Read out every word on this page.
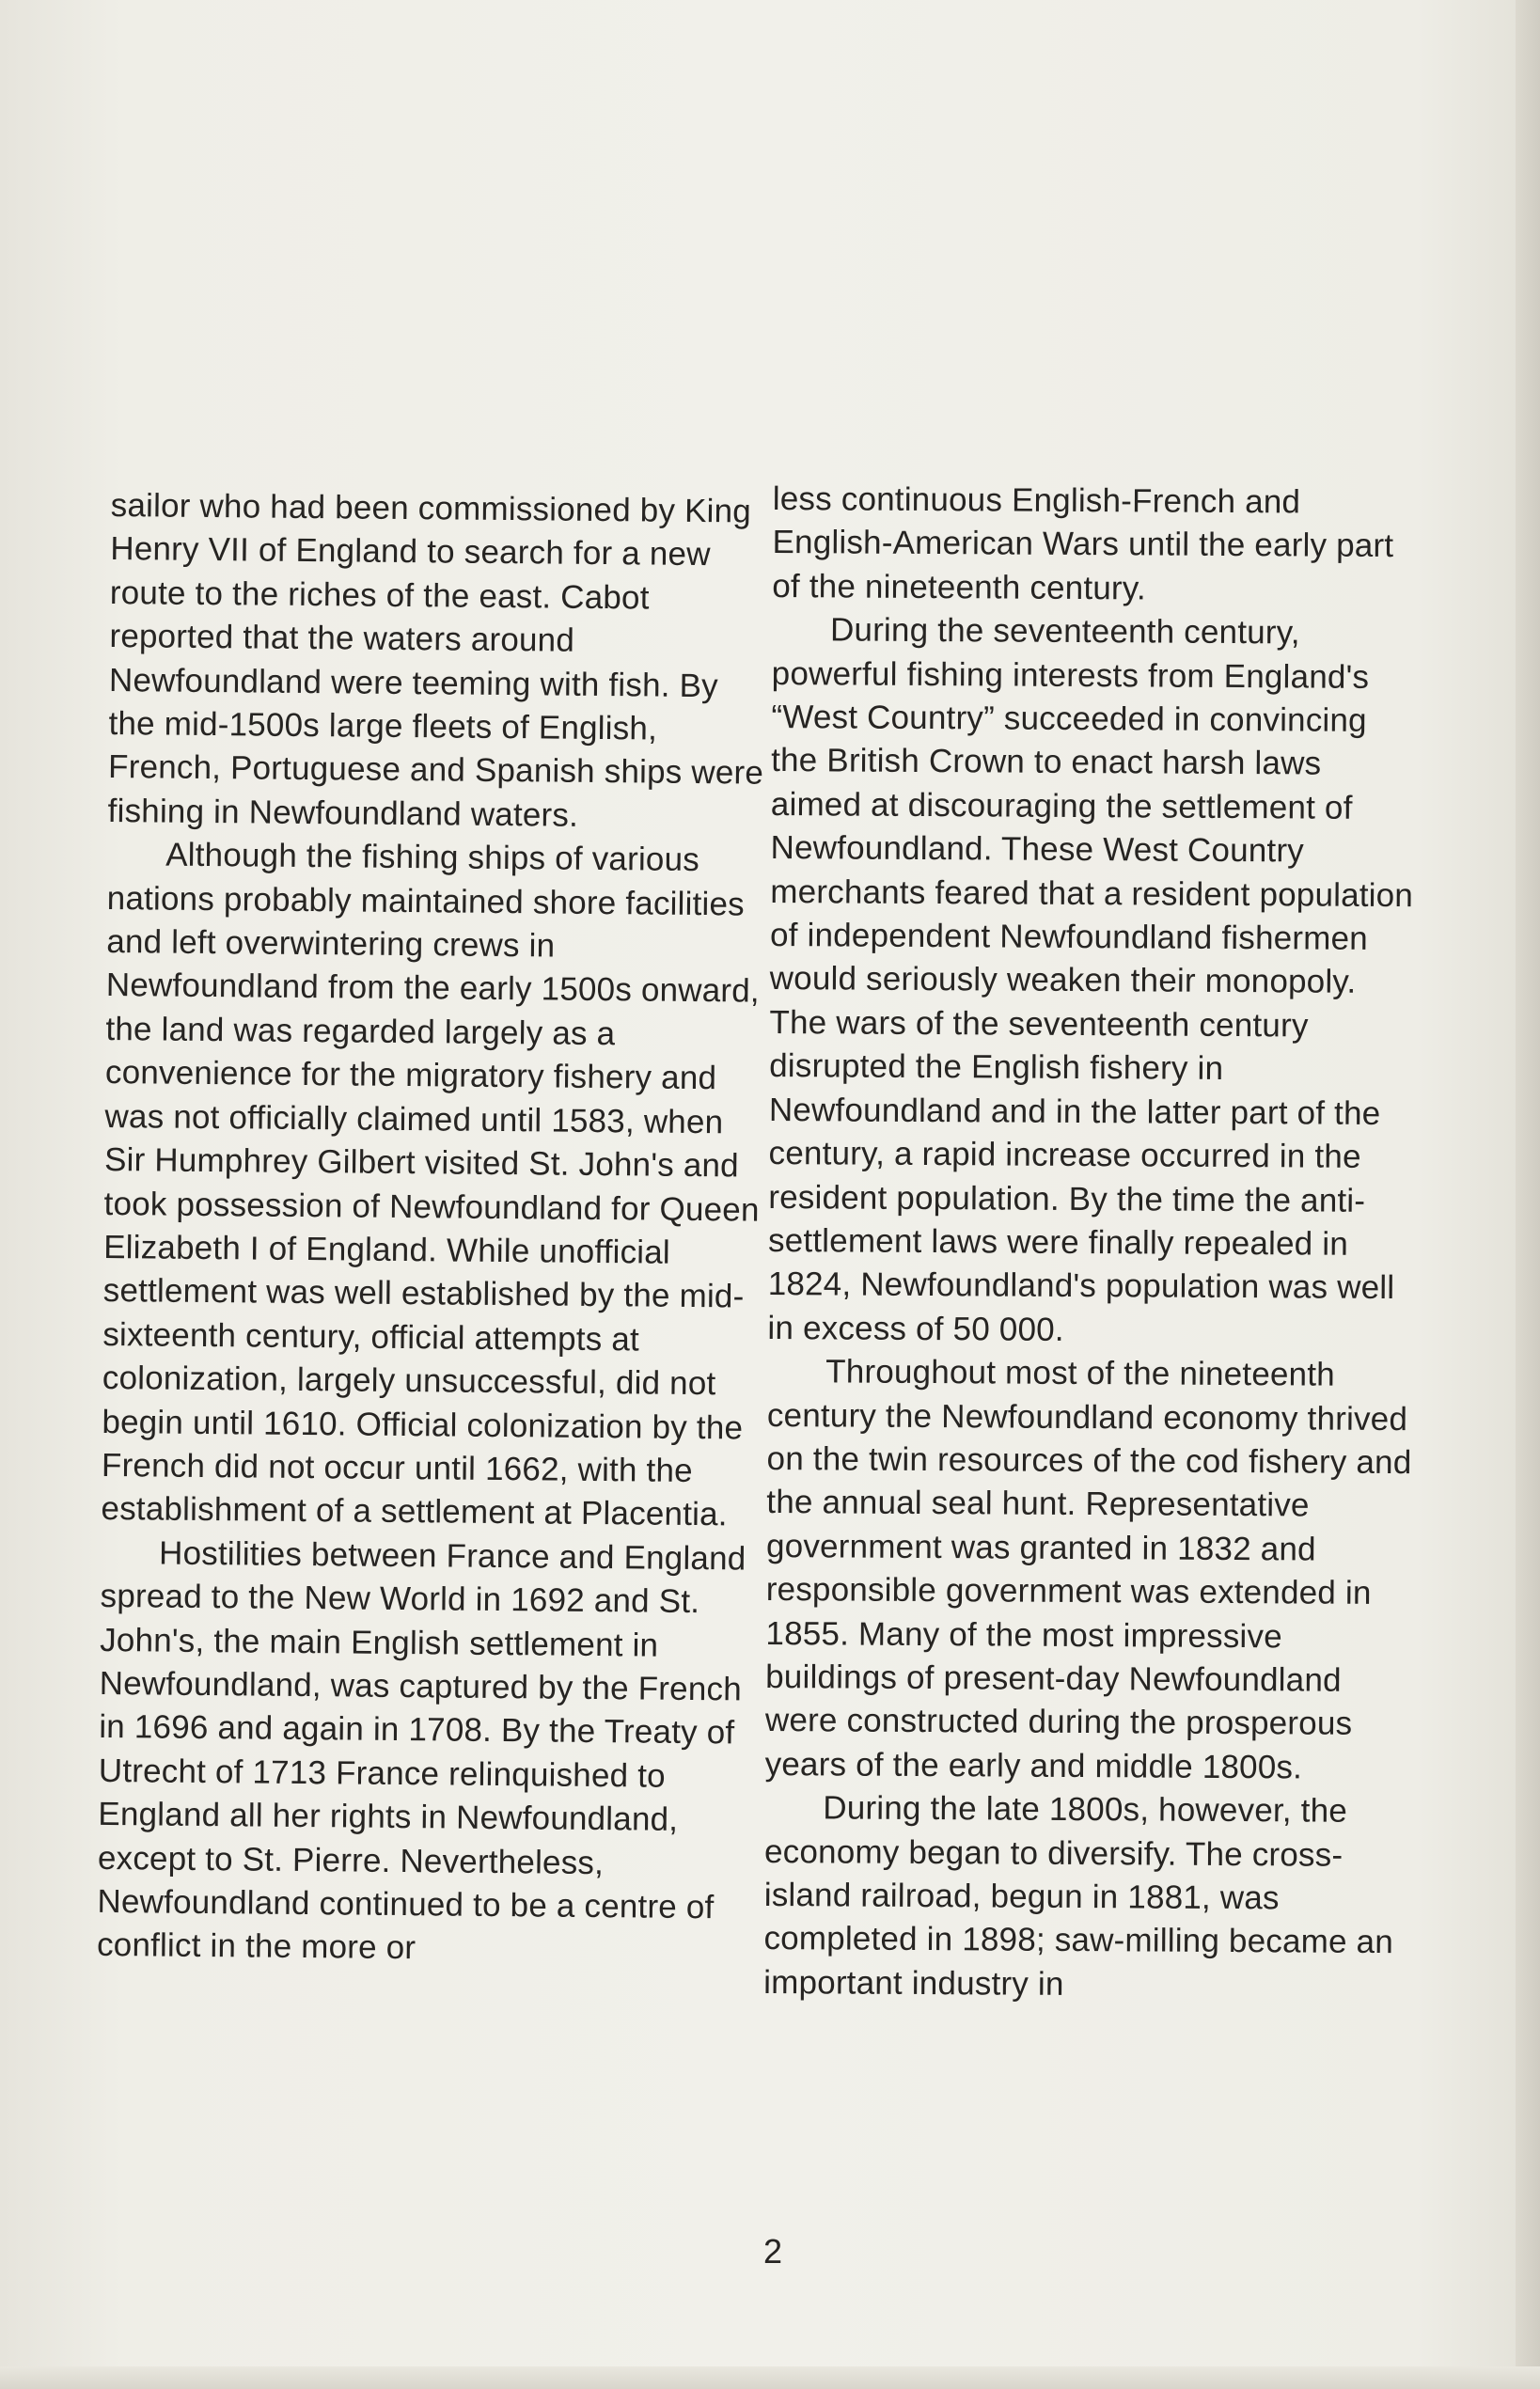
sailor who had been commissioned by King Henry VII of England to search for a new route to the riches of the east. Cabot reported that the waters around Newfoundland were teeming with fish. By the mid-1500s large fleets of English, French, Portuguese and Spanish ships were fishing in Newfoundland waters.

Although the fishing ships of various nations probably maintained shore facilities and left overwintering crews in Newfoundland from the early 1500s onward, the land was regarded largely as a convenience for the migratory fishery and was not officially claimed until 1583, when Sir Humphrey Gilbert visited St. John's and took possession of Newfoundland for Queen Elizabeth I of England. While unofficial settlement was well established by the mid-sixteenth century, official attempts at colonization, largely unsuccessful, did not begin until 1610. Official colonization by the French did not occur until 1662, with the establishment of a settlement at Placentia.

Hostilities between France and England spread to the New World in 1692 and St. John's, the main English settlement in Newfoundland, was captured by the French in 1696 and again in 1708. By the Treaty of Utrecht of 1713 France relinquished to England all her rights in Newfoundland, except to St. Pierre. Nevertheless, Newfoundland continued to be a centre of conflict in the more or

less continuous English-French and English-American Wars until the early part of the nineteenth century.

During the seventeenth century, powerful fishing interests from England's “West Country” succeeded in convincing the British Crown to enact harsh laws aimed at discouraging the settlement of Newfoundland. These West Country merchants feared that a resident population of independent Newfoundland fishermen would seriously weaken their monopoly. The wars of the seventeenth century disrupted the English fishery in Newfoundland and in the latter part of the century, a rapid increase occurred in the resident population. By the time the anti-settlement laws were finally repealed in 1824, Newfoundland's population was well in excess of 50 000.

Throughout most of the nineteenth century the Newfoundland economy thrived on the twin resources of the cod fishery and the annual seal hunt. Representative government was granted in 1832 and responsible government was extended in 1855. Many of the most impressive buildings of present-day Newfoundland were constructed during the prosperous years of the early and middle 1800s.

During the late 1800s, however, the economy began to diversify. The cross-island railroad, begun in 1881, was completed in 1898; saw-milling became an important industry in

2
